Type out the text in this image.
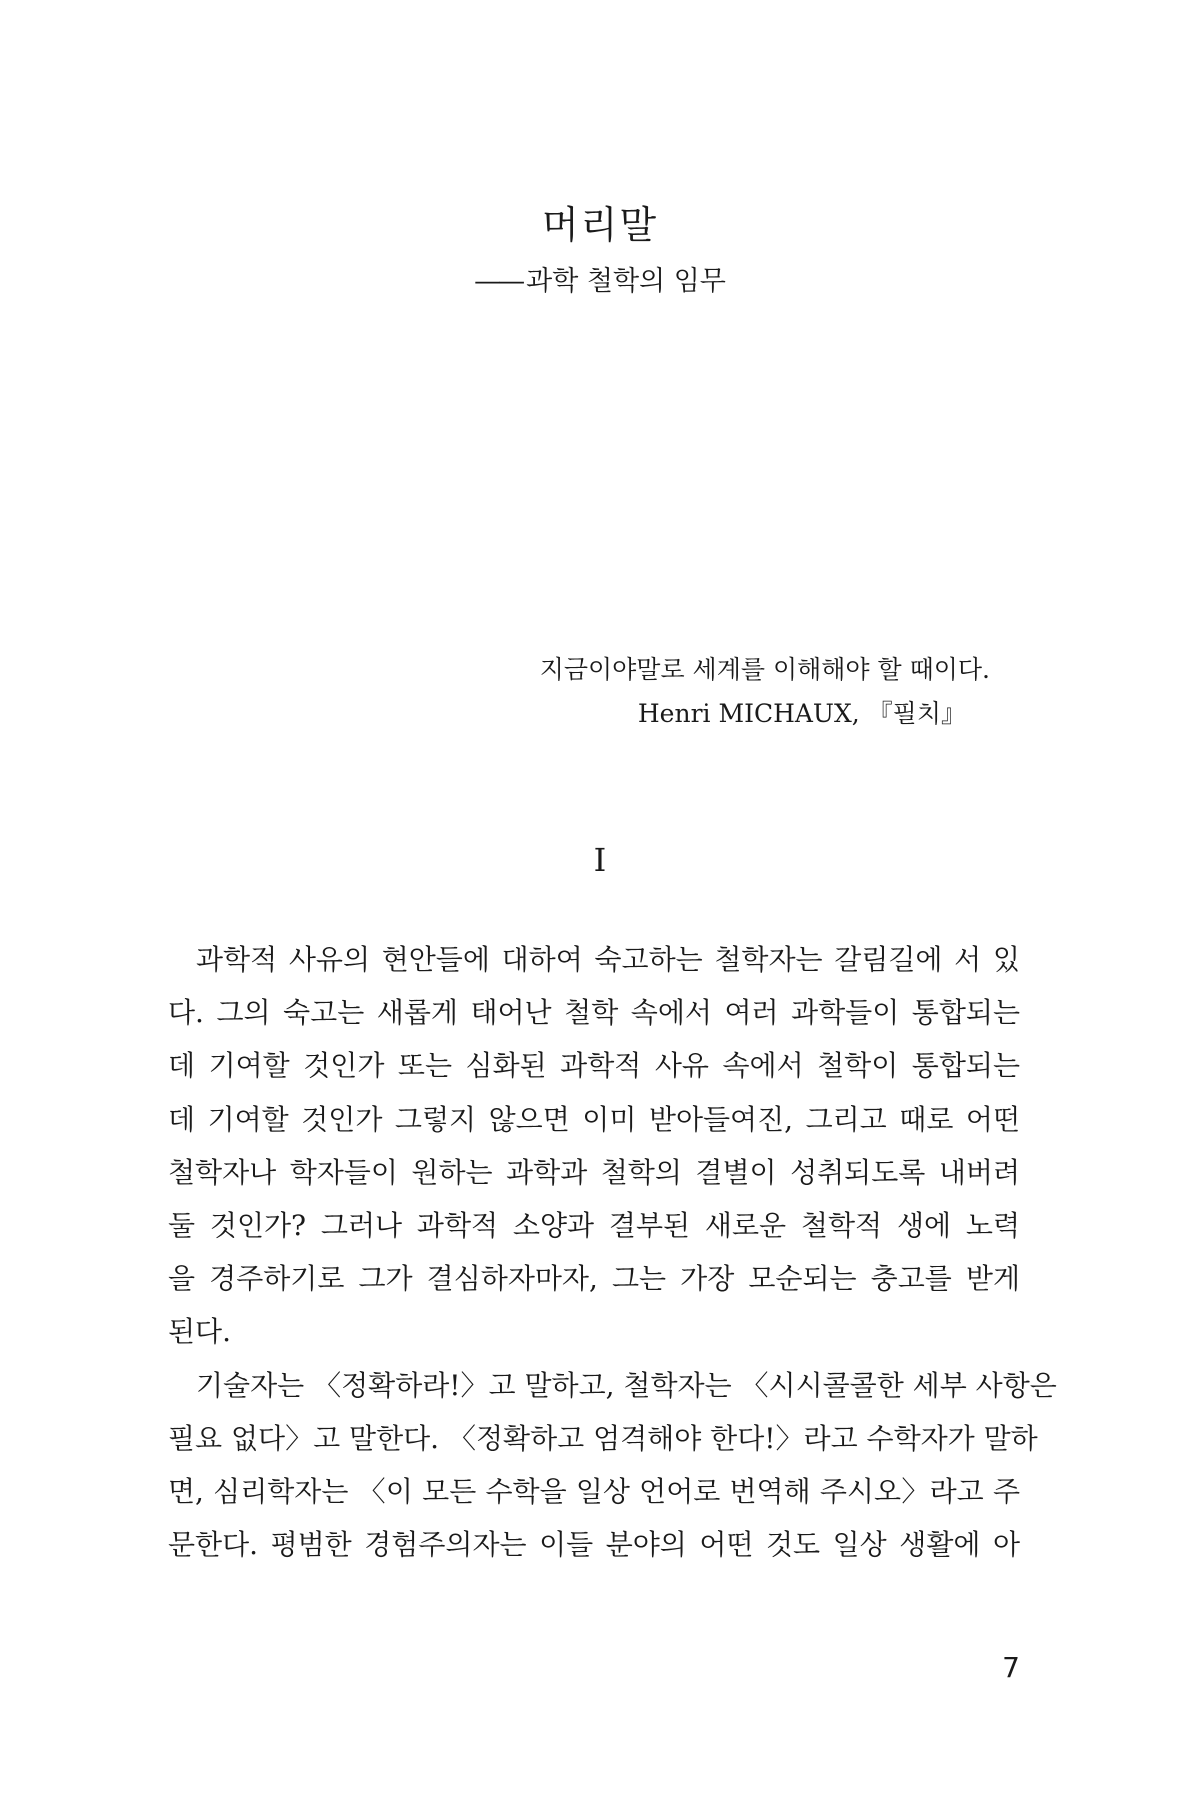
머리말
—— 과학 철학의 임무
지금이야말로 세계를 이해해야 할 때이다.
Henri MICHAUX, 『필치』
I
과학적 사유의 현안들에 대하여 숙고하는 철학자는 갈림길에 서 있
다. 그의 숙고는 새롭게 태어난 철학 속에서 여러 과학들이 통합되는
데 기여할 것인가 또는 심화된 과학적 사유 속에서 철학이 통합되는
데 기여할 것인가 그렇지 않으면 이미 받아들여진, 그리고 때로 어떤
철학자나 학자들이 원하는 과학과 철학의 결별이 성취되도록 내버려
둘 것인가? 그러나 과학적 소양과 결부된 새로운 철학적 생에 노력
을 경주하기로 그가 결심하자마자, 그는 가장 모순되는 충고를 받게
된다.
기술자는 〈정확하라!〉고 말하고, 철학자는 〈시시콜콜한 세부 사항은
필요 없다〉고 말한다. 〈정확하고 엄격해야 한다!〉라고 수학자가 말하
면, 심리학자는 〈이 모든 수학을 일상 언어로 번역해 주시오〉라고 주
문한다. 평범한 경험주의자는 이들 분야의 어떤 것도 일상 생활에 아
7
